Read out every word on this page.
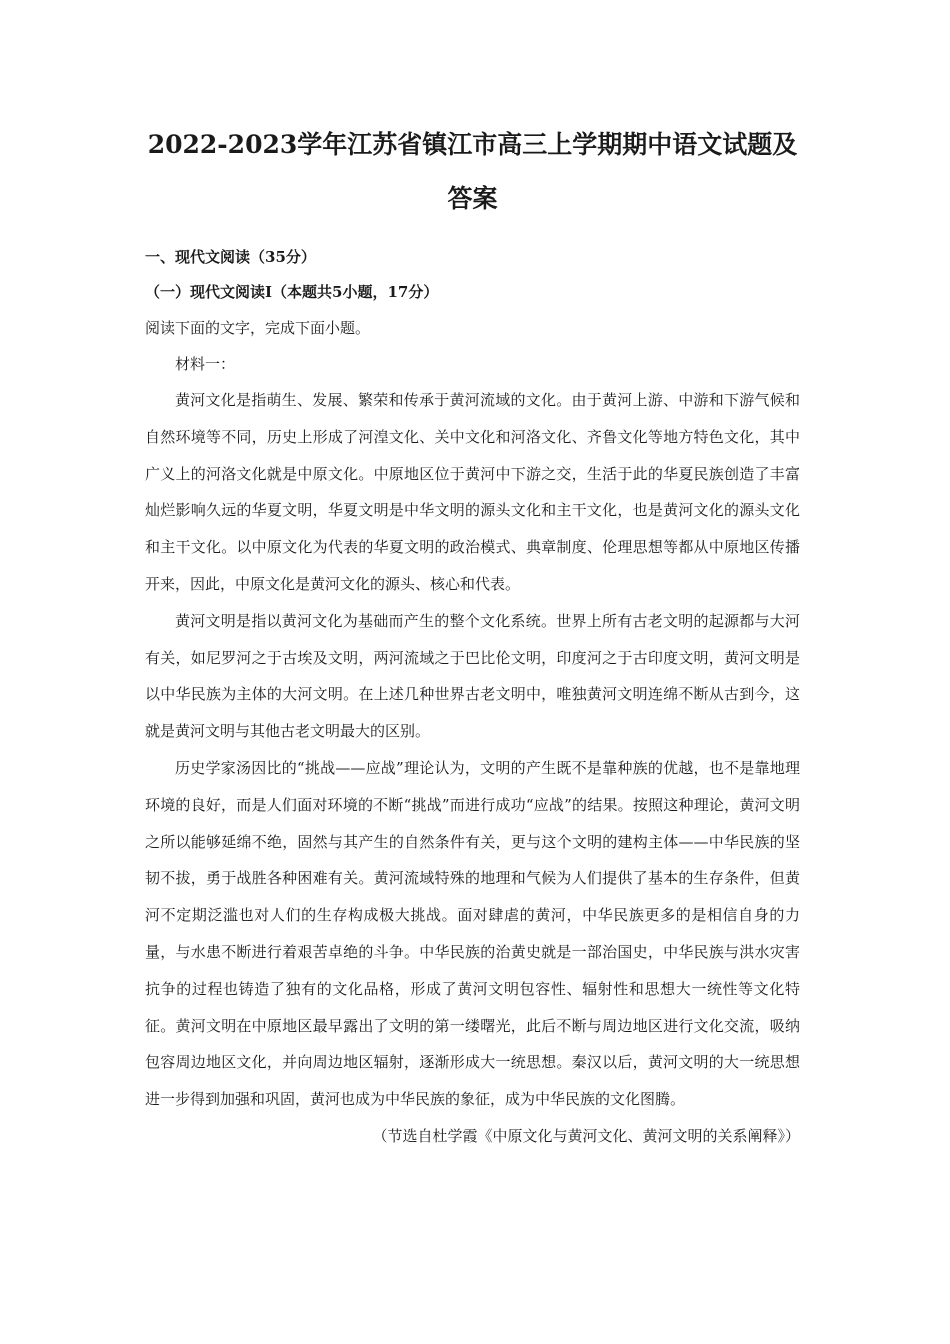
2022-2023学年江苏省镇江市高三上学期期中语文试题及答案

一、现代文阅读（35分）

（一）现代文阅读Ⅰ（本题共5小题，17分）

阅读下面的文字，完成下面小题。

材料一：

黄河文化是指萌生、发展、繁荣和传承于黄河流域的文化。由于黄河上游、中游和下游气候和自然环境等不同，历史上形成了河湟文化、关中文化和河洛文化、齐鲁文化等地方特色文化，其中广义上的河洛文化就是中原文化。中原地区位于黄河中下游之交，生活于此的华夏民族创造了丰富灿烂影响久远的华夏文明，华夏文明是中华文明的源头文化和主干文化，也是黄河文化的源头文化和主干文化。以中原文化为代表的华夏文明的政治模式、典章制度、伦理思想等都从中原地区传播开来，因此，中原文化是黄河文化的源头、核心和代表。

黄河文明是指以黄河文化为基础而产生的整个文化系统。世界上所有古老文明的起源都与大河有关，如尼罗河之于古埃及文明，两河流域之于巴比伦文明，印度河之于古印度文明，黄河文明是以中华民族为主体的大河文明。在上述几种世界古老文明中，唯独黄河文明连绵不断从古到今，这就是黄河文明与其他古老文明最大的区别。

历史学家汤因比的“挑战——应战”理论认为，文明的产生既不是靠种族的优越，也不是靠地理环境的良好，而是人们面对环境的不断“挑战”而进行成功“应战”的结果。按照这种理论，黄河文明之所以能够延绵不绝，固然与其产生的自然条件有关，更与这个文明的建构主体——中华民族的坚韧不拔，勇于战胜各种困难有关。黄河流域特殊的地理和气候为人们提供了基本的生存条件，但黄河不定期泛滥也对人们的生存构成极大挑战。面对肆虐的黄河，中华民族更多的是相信自身的力量，与水患不断进行着艰苦卓绝的斗争。中华民族的治黄史就是一部治国史，中华民族与洪水灾害抗争的过程也铸造了独有的文化品格，形成了黄河文明包容性、辐射性和思想大一统性等文化特征。黄河文明在中原地区最早露出了文明的第一缕曙光，此后不断与周边地区进行文化交流，吸纳包容周边地区文化，并向周边地区辐射，逐渐形成大一统思想。秦汉以后，黄河文明的大一统思想进一步得到加强和巩固，黄河也成为中华民族的象征，成为中华民族的文化图腾。

（节选自杜学霞《中原文化与黄河文化、黄河文明的关系阐释》）
